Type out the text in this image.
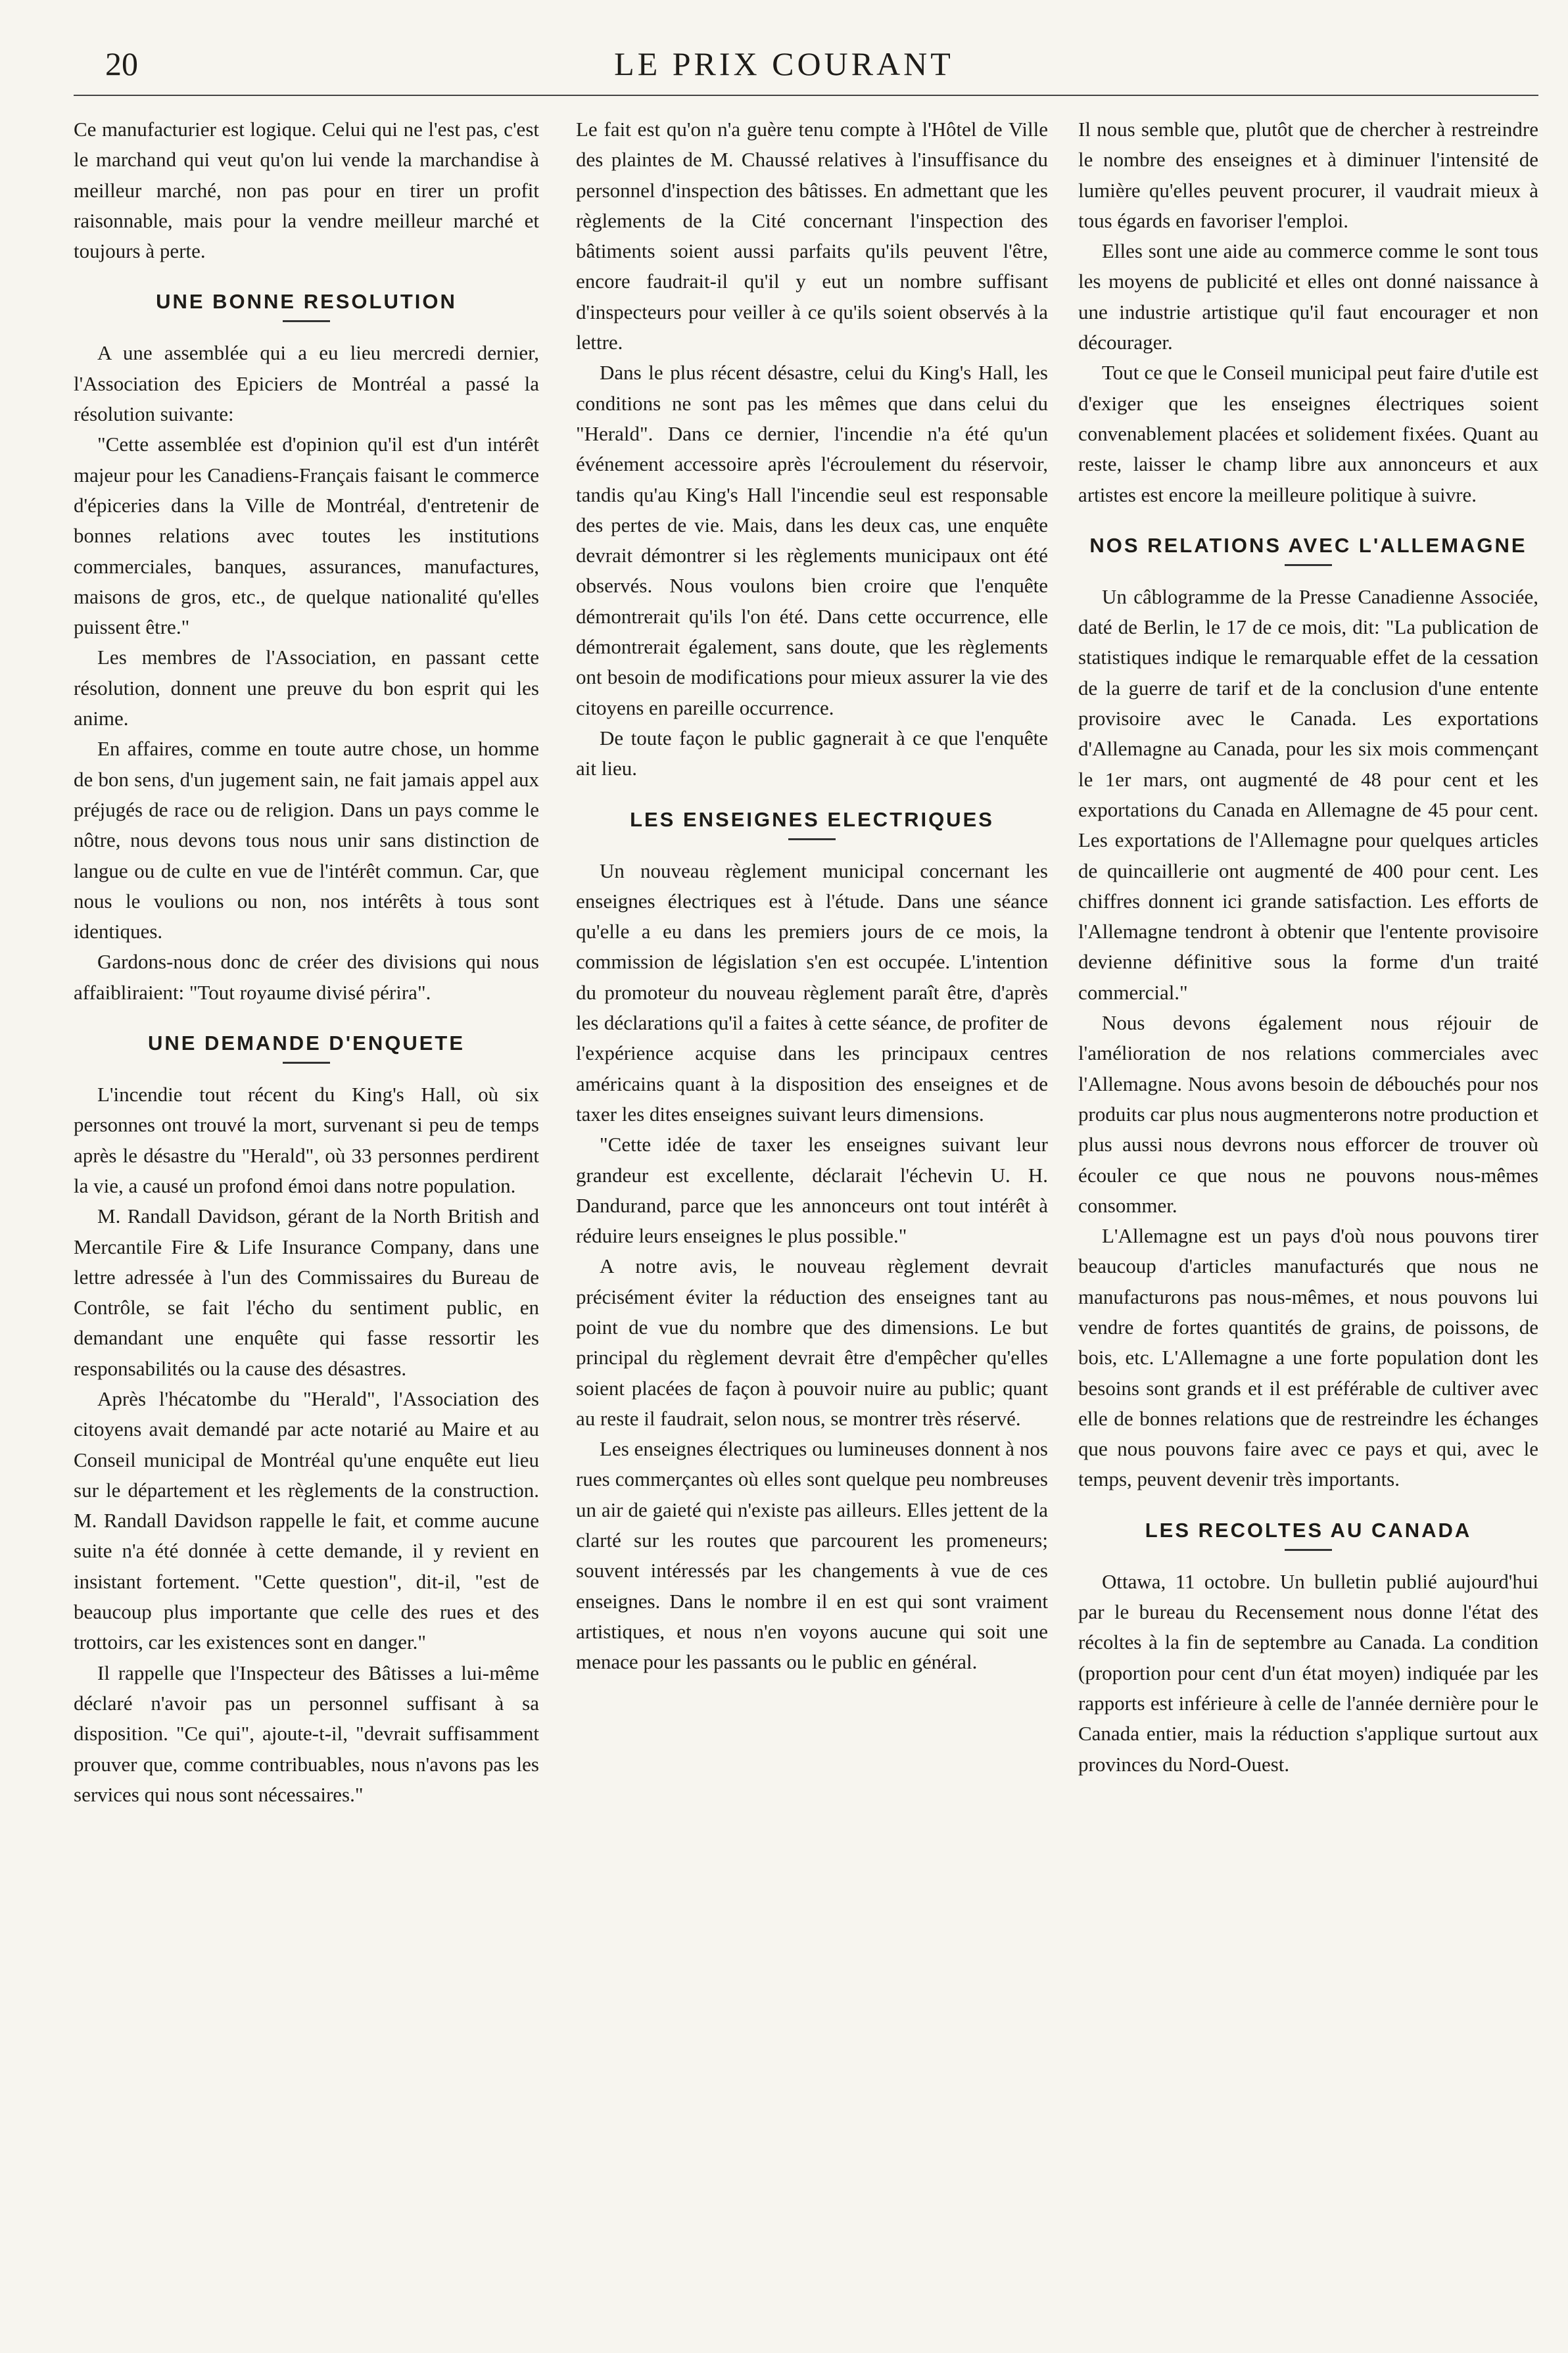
20	LE PRIX COURANT

Ce manufacturier est logique. Celui qui ne l'est pas, c'est le marchand qui veut qu'on lui vende la marchandise à meilleur marché, non pas pour en tirer un profit raisonnable, mais pour la vendre meilleur marché et toujours à perte.

UNE BONNE RESOLUTION

A une assemblée qui a eu lieu mercredi dernier, l'Association des Epiciers de Montréal a passé la résolution suivante:

"Cette assemblée est d'opinion qu'il est d'un intérêt majeur pour les Canadiens-Français faisant le commerce d'épiceries dans la Ville de Montréal, d'entretenir de bonnes relations avec toutes les institutions commerciales, banques, assurances, manufactures, maisons de gros, etc., de quelque nationalité qu'elles puissent être."

Les membres de l'Association, en passant cette résolution, donnent une preuve du bon esprit qui les anime.

En affaires, comme en toute autre chose, un homme de bon sens, d'un jugement sain, ne fait jamais appel aux préjugés de race ou de religion. Dans un pays comme le nôtre, nous devons tous nous unir sans distinction de langue ou de culte en vue de l'intérêt commun. Car, que nous le voulions ou non, nos intérêts à tous sont identiques.

Gardons-nous donc de créer des divisions qui nous affaibliraient: "Tout royaume divisé périra".

UNE DEMANDE D'ENQUETE

L'incendie tout récent du King's Hall, où six personnes ont trouvé la mort, survenant si peu de temps après le désastre du "Herald", où 33 personnes perdirent la vie, a causé un profond émoi dans notre population.

M. Randall Davidson, gérant de la North British and Mercantile Fire & Life Insurance Company, dans une lettre adressée à l'un des Commissaires du Bureau de Contrôle, se fait l'écho du sentiment public, en demandant une enquête qui fasse ressortir les responsabilités ou la cause des désastres.

Après l'hécatombe du "Herald", l'Association des citoyens avait demandé par acte notarié au Maire et au Conseil municipal de Montréal qu'une enquête eut lieu sur le département et les règlements de la construction. M. Randall Davidson rappelle le fait, et comme aucune suite n'a été donnée à cette demande, il y revient en insistant fortement. "Cette question", dit-il, "est de beaucoup plus importante que celle des rues et des trottoirs, car les existences sont en danger."

Il rappelle que l'Inspecteur des Bâtisses a lui-même déclaré n'avoir pas un personnel suffisant à sa disposition. "Ce qui", ajoute-t-il, "devrait suffisamment prouver que, comme contribuables, nous n'avons pas les services qui nous sont nécessaires."

Le fait est qu'on n'a guère tenu compte à l'Hôtel de Ville des plaintes de M. Chaussé relatives à l'insuffisance du personnel d'inspection des bâtisses. En admettant que les règlements de la Cité concernant l'inspection des bâtiments soient aussi parfaits qu'ils peuvent l'être, encore faudrait-il qu'il y eut un nombre suffisant d'inspecteurs pour veiller à ce qu'ils soient observés à la lettre.

Dans le plus récent désastre, celui du King's Hall, les conditions ne sont pas les mêmes que dans celui du "Herald". Dans ce dernier, l'incendie n'a été qu'un événement accessoire après l'écroulement du réservoir, tandis qu'au King's Hall l'incendie seul est responsable des pertes de vie. Mais, dans les deux cas, une enquête devrait démontrer si les règlements municipaux ont été observés. Nous voulons bien croire que l'enquête démontrerait qu'ils l'on été. Dans cette occurrence, elle démontrerait également, sans doute, que les règlements ont besoin de modifications pour mieux assurer la vie des citoyens en pareille occurrence.

De toute façon le public gagnerait à ce que l'enquête ait lieu.

LES ENSEIGNES ELECTRIQUES

Un nouveau règlement municipal concernant les enseignes électriques est à l'étude. Dans une séance qu'elle a eu dans les premiers jours de ce mois, la commission de législation s'en est occupée. L'intention du promoteur du nouveau règlement paraît être, d'après les déclarations qu'il a faites à cette séance, de profiter de l'expérience acquise dans les principaux centres américains quant à la disposition des enseignes et de taxer les dites enseignes suivant leurs dimensions.

"Cette idée de taxer les enseignes suivant leur grandeur est excellente, déclarait l'échevin U. H. Dandurand, parce que les annonceurs ont tout intérêt à réduire leurs enseignes le plus possible."

A notre avis, le nouveau règlement devrait précisément éviter la réduction des enseignes tant au point de vue du nombre que des dimensions. Le but principal du règlement devrait être d'empêcher qu'elles soient placées de façon à pouvoir nuire au public; quant au reste il faudrait, selon nous, se montrer très réservé.

Les enseignes électriques ou lumineuses donnent à nos rues commerçantes où elles sont quelque peu nombreuses un air de gaieté qui n'existe pas ailleurs. Elles jettent de la clarté sur les routes que parcourent les promeneurs; souvent intéressés par les changements à vue de ces enseignes. Dans le nombre il en est qui sont vraiment artistiques, et nous n'en voyons aucune qui soit une menace pour les passants ou le public en général.

Il nous semble que, plutôt que de chercher à restreindre le nombre des enseignes et à diminuer l'intensité de lumière qu'elles peuvent procurer, il vaudrait mieux à tous égards en favoriser l'emploi.

Elles sont une aide au commerce comme le sont tous les moyens de publicité et elles ont donné naissance à une industrie artistique qu'il faut encourager et non décourager.

Tout ce que le Conseil municipal peut faire d'utile est d'exiger que les enseignes électriques soient convenablement placées et solidement fixées. Quant au reste, laisser le champ libre aux annonceurs et aux artistes est encore la meilleure politique à suivre.

NOS RELATIONS AVEC L'ALLEMAGNE

Un câblogramme de la Presse Canadienne Associée, daté de Berlin, le 17 de ce mois, dit: "La publication de statistiques indique le remarquable effet de la cessation de la guerre de tarif et de la conclusion d'une entente provisoire avec le Canada. Les exportations d'Allemagne au Canada, pour les six mois commençant le 1er mars, ont augmenté de 48 pour cent et les exportations du Canada en Allemagne de 45 pour cent. Les exportations de l'Allemagne pour quelques articles de quincaillerie ont augmenté de 400 pour cent. Les chiffres donnent ici grande satisfaction. Les efforts de l'Allemagne tendront à obtenir que l'entente provisoire devienne définitive sous la forme d'un traité commercial."

Nous devons également nous réjouir de l'amélioration de nos relations commerciales avec l'Allemagne. Nous avons besoin de débouchés pour nos produits car plus nous augmenterons notre production et plus aussi nous devrons nous efforcer de trouver où écouler ce que nous ne pouvons nous-mêmes consommer.

L'Allemagne est un pays d'où nous pouvons tirer beaucoup d'articles manufacturés que nous ne manufacturons pas nous-mêmes, et nous pouvons lui vendre de fortes quantités de grains, de poissons, de bois, etc. L'Allemagne a une forte population dont les besoins sont grands et il est préférable de cultiver avec elle de bonnes relations que de restreindre les échanges que nous pouvons faire avec ce pays et qui, avec le temps, peuvent devenir très importants.

LES RECOLTES AU CANADA

Ottawa, 11 octobre. Un bulletin publié aujourd'hui par le bureau du Recensement nous donne l'état des récoltes à la fin de septembre au Canada. La condition (proportion pour cent d'un état moyen) indiquée par les rapports est inférieure à celle de l'année dernière pour le Canada entier, mais la réduction s'applique surtout aux provinces du Nord-Ouest.
